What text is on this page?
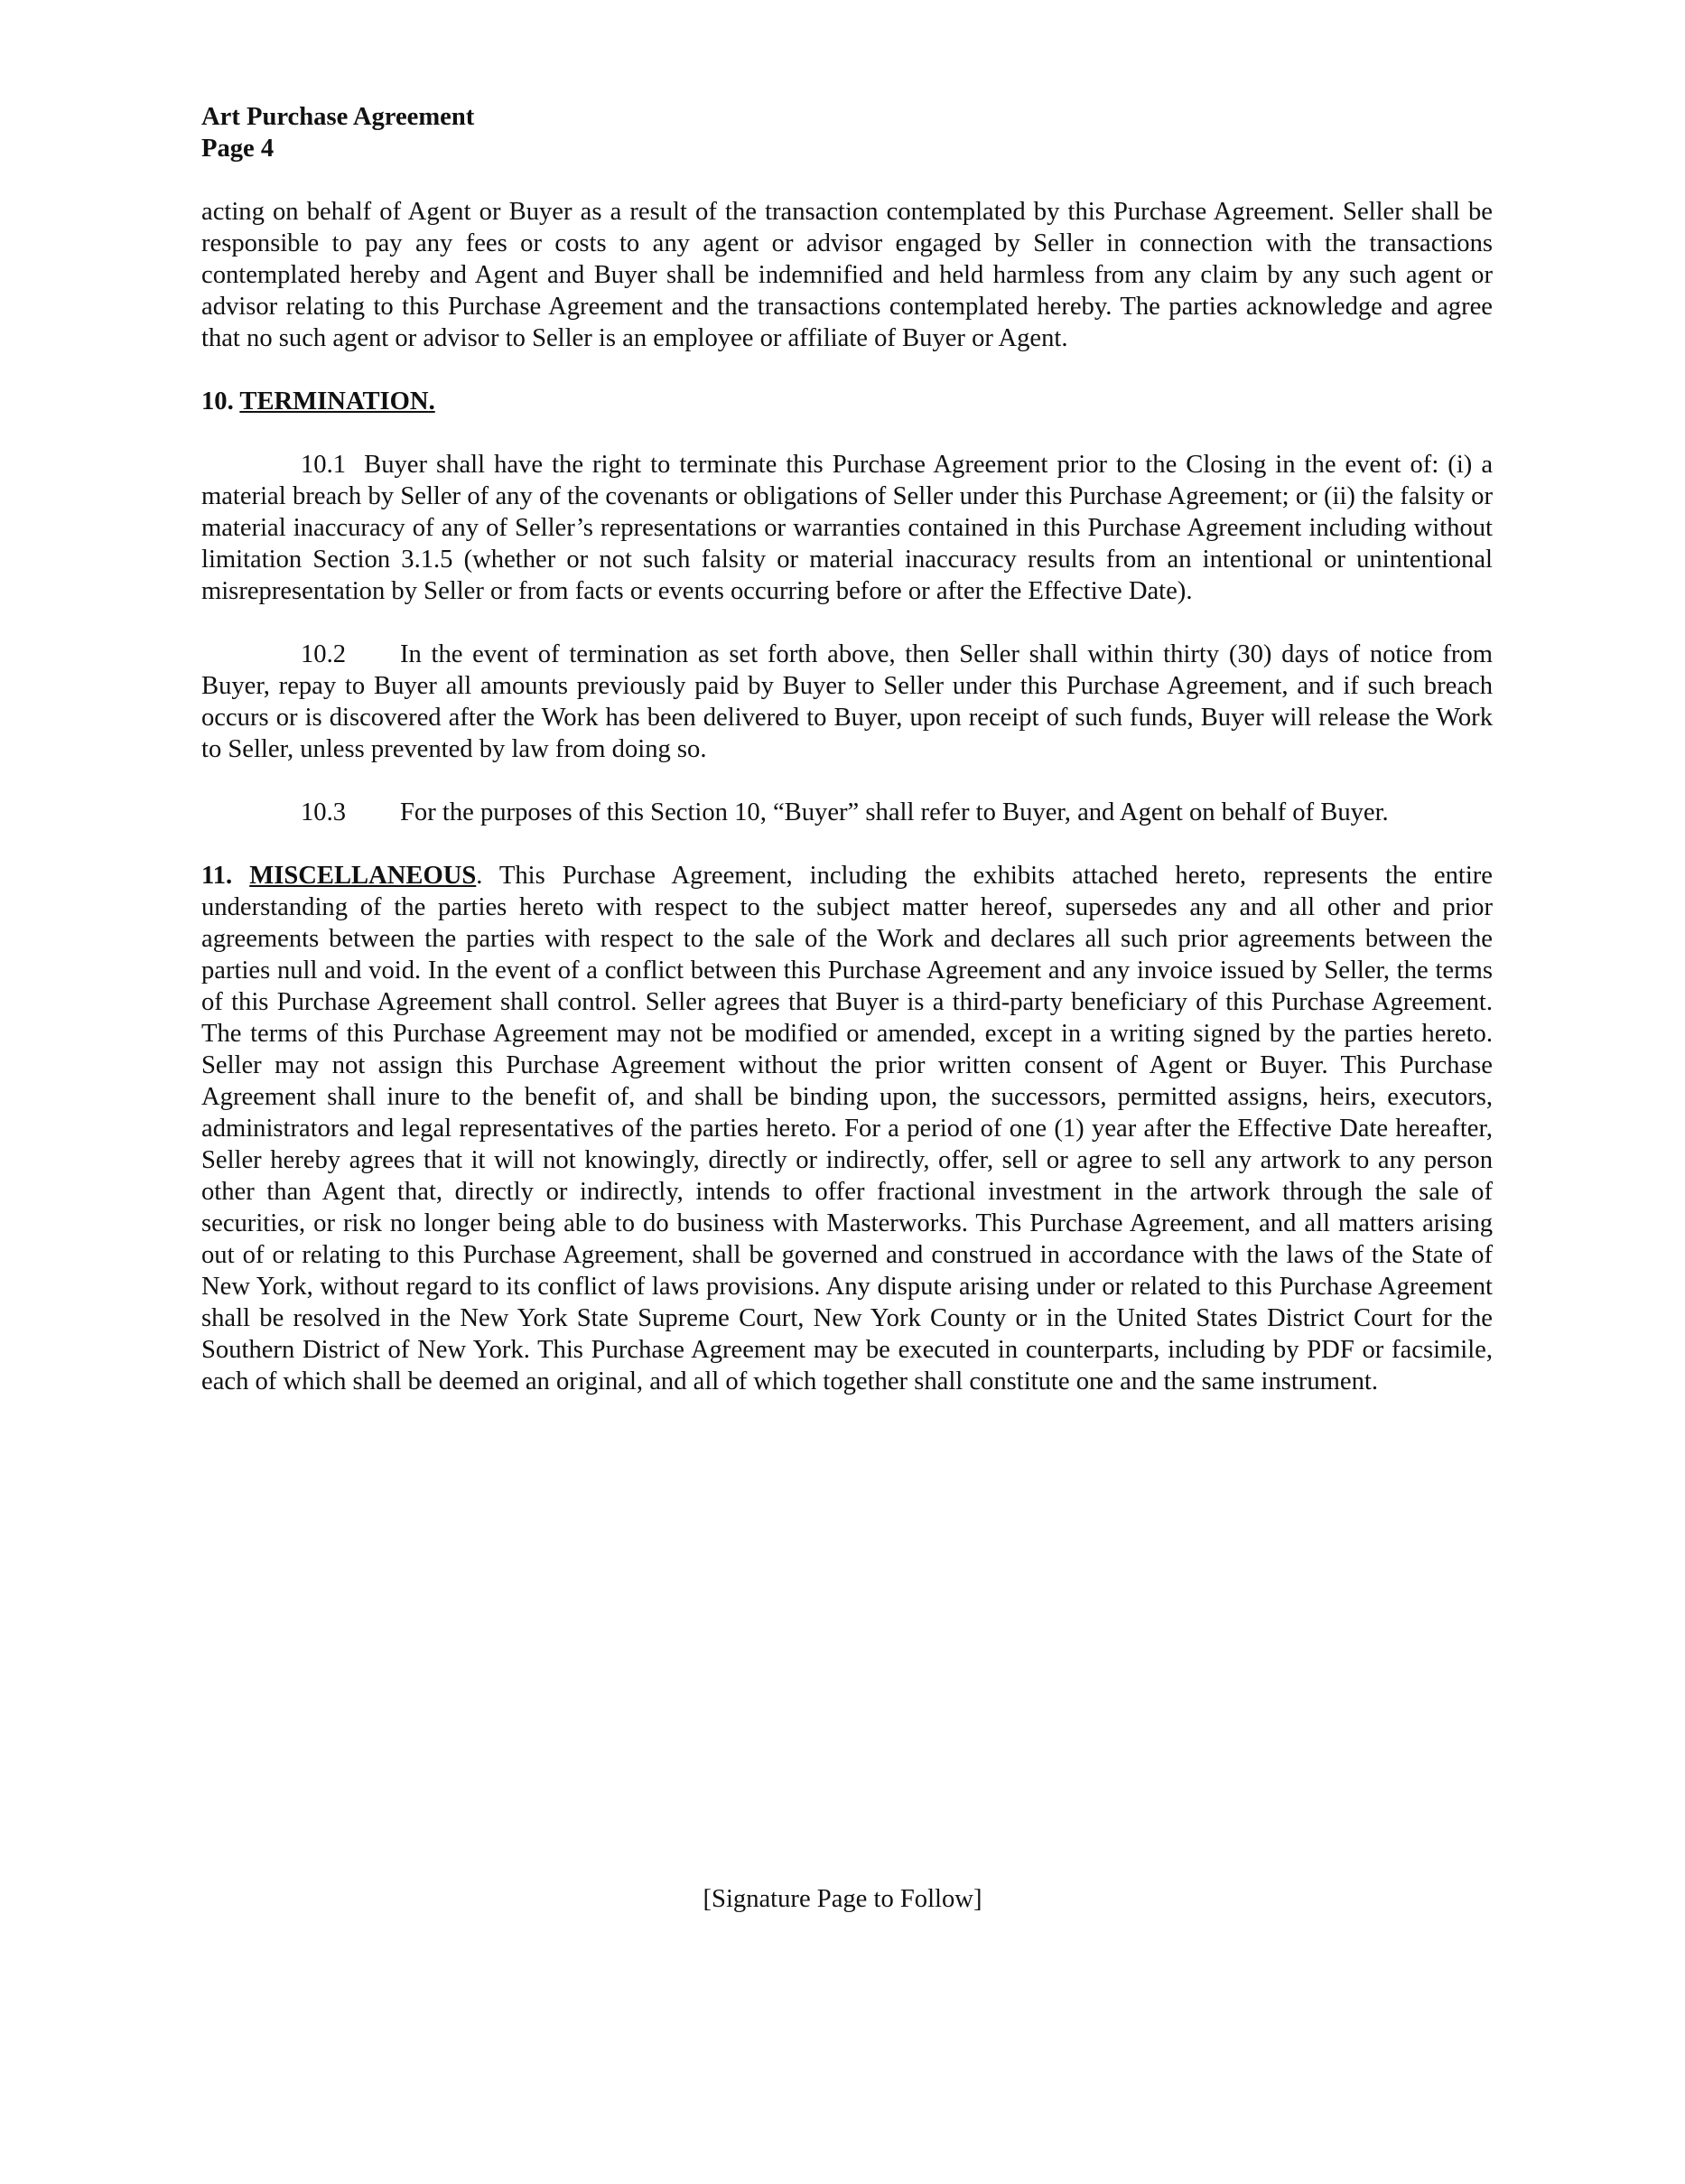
Art Purchase Agreement
Page 4

acting on behalf of Agent or Buyer as a result of the transaction contemplated by this Purchase Agreement. Seller shall be responsible to pay any fees or costs to any agent or advisor engaged by Seller in connection with the transactions contemplated hereby and Agent and Buyer shall be indemnified and held harmless from any claim by any such agent or advisor relating to this Purchase Agreement and the transactions contemplated hereby. The parties acknowledge and agree that no such agent or advisor to Seller is an employee or affiliate of Buyer or Agent.

10. TERMINATION.

10.1 Buyer shall have the right to terminate this Purchase Agreement prior to the Closing in the event of: (i) a material breach by Seller of any of the covenants or obligations of Seller under this Purchase Agreement; or (ii) the falsity or material inaccuracy of any of Seller’s representations or warranties contained in this Purchase Agreement including without limitation Section 3.1.5 (whether or not such falsity or material inaccuracy results from an intentional or unintentional misrepresentation by Seller or from facts or events occurring before or after the Effective Date).

10.2 In the event of termination as set forth above, then Seller shall within thirty (30) days of notice from Buyer, repay to Buyer all amounts previously paid by Buyer to Seller under this Purchase Agreement, and if such breach occurs or is discovered after the Work has been delivered to Buyer, upon receipt of such funds, Buyer will release the Work to Seller, unless prevented by law from doing so.

10.3 For the purposes of this Section 10, “Buyer” shall refer to Buyer, and Agent on behalf of Buyer.

11. MISCELLANEOUS. This Purchase Agreement, including the exhibits attached hereto, represents the entire understanding of the parties hereto with respect to the subject matter hereof, supersedes any and all other and prior agreements between the parties with respect to the sale of the Work and declares all such prior agreements between the parties null and void. In the event of a conflict between this Purchase Agreement and any invoice issued by Seller, the terms of this Purchase Agreement shall control. Seller agrees that Buyer is a third-party beneficiary of this Purchase Agreement. The terms of this Purchase Agreement may not be modified or amended, except in a writing signed by the parties hereto. Seller may not assign this Purchase Agreement without the prior written consent of Agent or Buyer. This Purchase Agreement shall inure to the benefit of, and shall be binding upon, the successors, permitted assigns, heirs, executors, administrators and legal representatives of the parties hereto. For a period of one (1) year after the Effective Date hereafter, Seller hereby agrees that it will not knowingly, directly or indirectly, offer, sell or agree to sell any artwork to any person other than Agent that, directly or indirectly, intends to offer fractional investment in the artwork through the sale of securities, or risk no longer being able to do business with Masterworks. This Purchase Agreement, and all matters arising out of or relating to this Purchase Agreement, shall be governed and construed in accordance with the laws of the State of New York, without regard to its conflict of laws provisions. Any dispute arising under or related to this Purchase Agreement shall be resolved in the New York State Supreme Court, New York County or in the United States District Court for the Southern District of New York. This Purchase Agreement may be executed in counterparts, including by PDF or facsimile, each of which shall be deemed an original, and all of which together shall constitute one and the same instrument.

[Signature Page to Follow]
